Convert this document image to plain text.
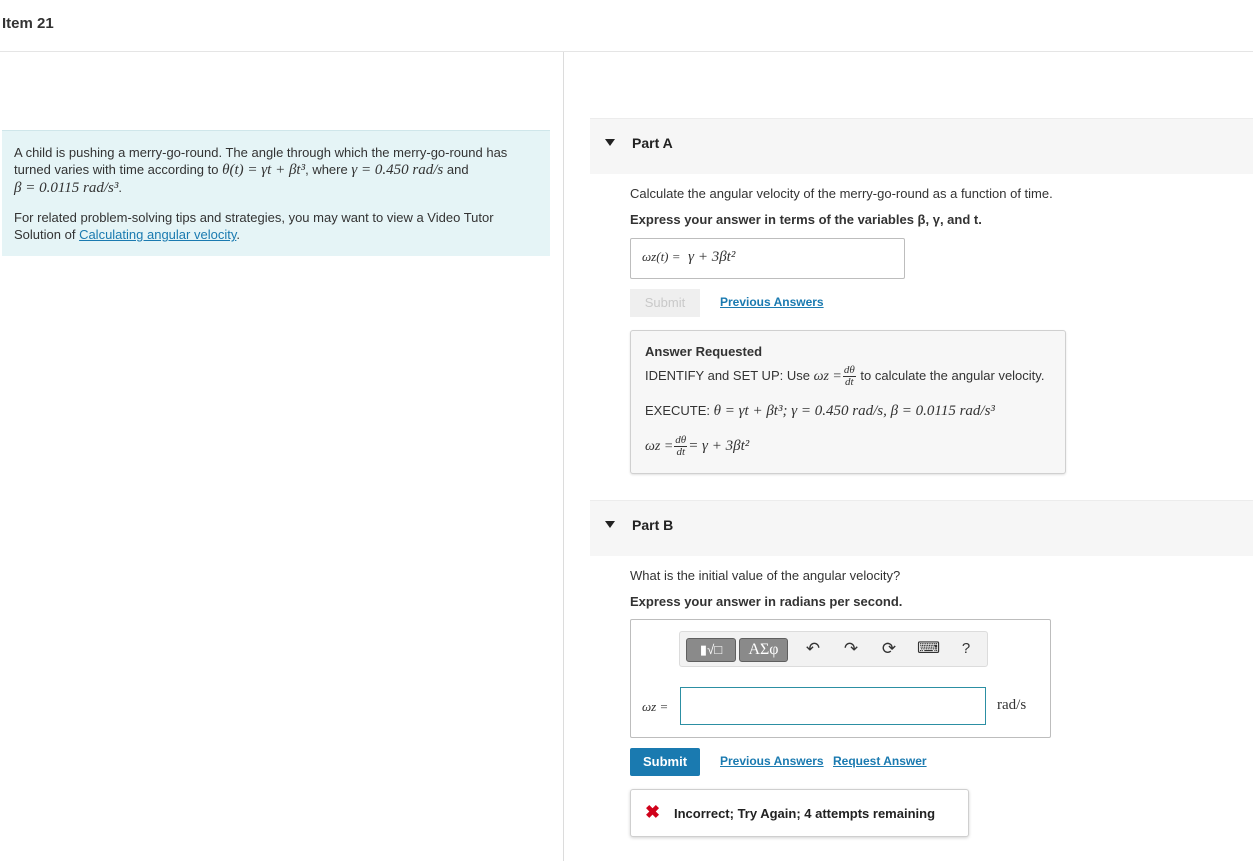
Item 21

A child is pushing a merry-go-round. The angle through which the merry-go-round has turned varies with time according to θ(t) = γt + βt³, where γ = 0.450 rad/s and
β = 0.0115 rad/s³.

For related problem-solving tips and strategies, you may want to view a Video Tutor Solution of Calculating angular velocity.

Part A
Calculate the angular velocity of the merry-go-round as a function of time.
Express your answer in terms of the variables β, γ, and t.
ωz(t) = γ + 3βt²
Submit	Previous Answers
Answer Requested
IDENTIFY and SET UP: Use $\omega z = \frac{d\theta}{dt}$ to calculate the angular velocity.
EXECUTE: θ = γt + βt³; γ = 0.450 rad/s, β = 0.0115 rad/s³
$\omega z = \frac{d\theta}{dt} = \gamma + 3\beta t^2$
Part B
What is the initial value of the angular velocity?
Express your answer in radians per second.
▮√□	ΑΣφ	↶ ↷ ⟳ ⌨	?
ωz =	rad/s
Submit	Previous Answers Request Answer
✖ Incorrect; Try Again; 4 attempts remaining
